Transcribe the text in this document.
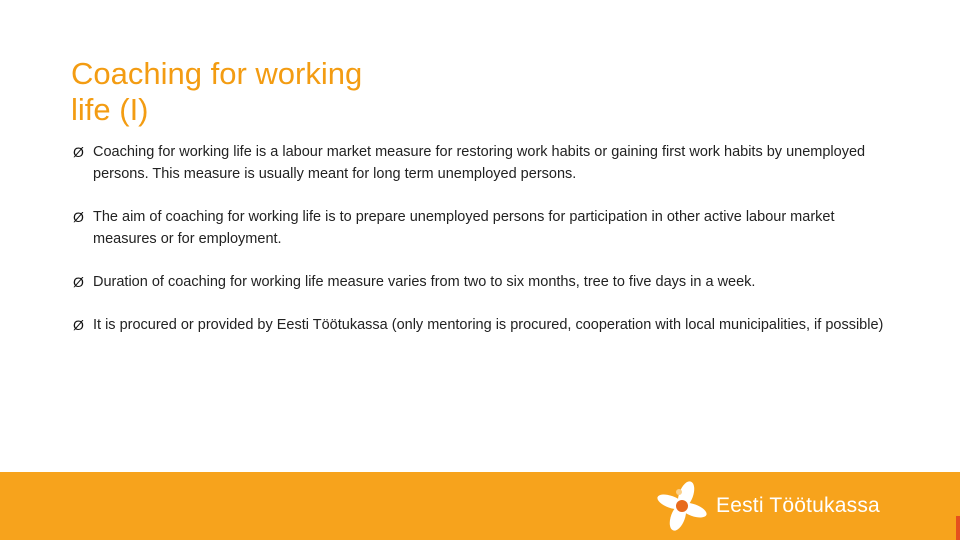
Coaching for working
life (I)
Ø Coaching for working life is a labour market measure for restoring work habits or gaining first work habits by unemployed persons. This measure is usually meant for long term unemployed persons.
Ø The aim of coaching for working life is to prepare unemployed persons for participation in other active labour market measures or for employment.
Ø Duration of coaching for working life measure varies from two to six months, tree to five days in a week.
Ø It is procured or provided by Eesti Töötukassa (only mentoring is procured, cooperation with local municipalities, if possible)
Eesti Töötukassa
